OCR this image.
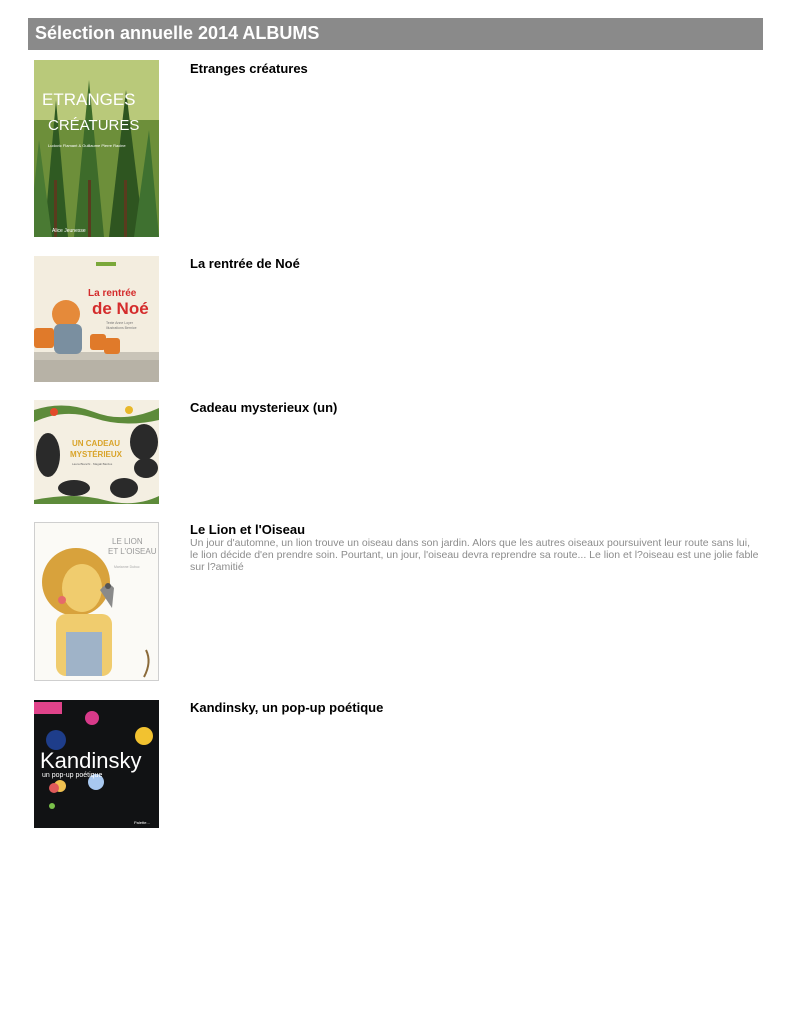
Sélection annuelle 2014 ALBUMS
ETRANGES
CRÉATURES
Ludovic Flamant & Guillaume Pierre Racine
Alice Jeunesse
Etranges créatures
La rentrée
de Noé
Texte Anne Loyer
Illustrations Bernice
La rentrée de Noé
UN CADEAU
MYSTÉRIEUX
Laura Bianchi · Magali Bardos
Cadeau mysterieux (un)
LE LION
ET L'OISEAU
Marianne Dubuc
Le Lion et l'Oiseau
Un jour d'automne, un lion trouve un oiseau dans son jardin. Alors que les autres oiseaux poursuivent leur route sans lui, le lion décide d'en prendre soin. Pourtant, un jour, l'oiseau devra reprendre sa route... Le lion et l?oiseau est une jolie fable sur l?amitié
Kandinsky
un pop-up poétique
Palette...
Kandinsky, un pop-up poétique
